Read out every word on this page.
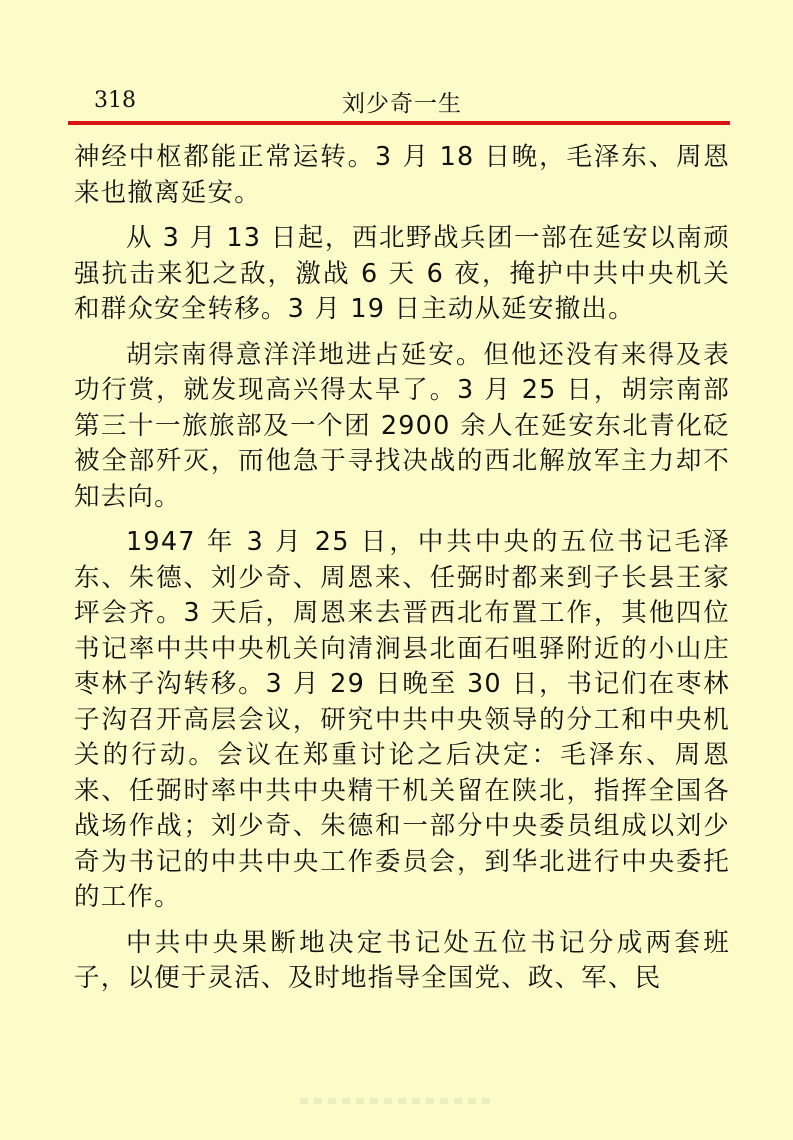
318	刘少奇一生

神经中枢都能正常运转。3 月 18 日晚，毛泽东、周恩来也撤离延安。

从 3 月 13 日起，西北野战兵团一部在延安以南顽强抗击来犯之敌，激战 6 天 6 夜，掩护中共中央机关和群众安全转移。3 月 19 日主动从延安撤出。

胡宗南得意洋洋地进占延安。但他还没有来得及表功行赏，就发现高兴得太早了。3 月 25 日，胡宗南部第三十一旅旅部及一个团 2900 余人在延安东北青化砭被全部歼灭，而他急于寻找决战的西北解放军主力却不知去向。

1947 年 3 月 25 日，中共中央的五位书记毛泽东、朱德、刘少奇、周恩来、任弼时都来到子长县王家坪会齐。3 天后，周恩来去晋西北布置工作，其他四位书记率中共中央机关向清涧县北面石咀驿附近的小山庄枣林子沟转移。3 月 29 日晚至 30 日，书记们在枣林子沟召开高层会议，研究中共中央领导的分工和中央机关的行动。会议在郑重讨论之后决定：毛泽东、周恩来、任弼时率中共中央精干机关留在陕北，指挥全国各战场作战；刘少奇、朱德和一部分中央委员组成以刘少奇为书记的中共中央工作委员会，到华北进行中央委托的工作。

中共中央果断地决定书记处五位书记分成两套班子，以便于灵活、及时地指导全国党、政、军、民
